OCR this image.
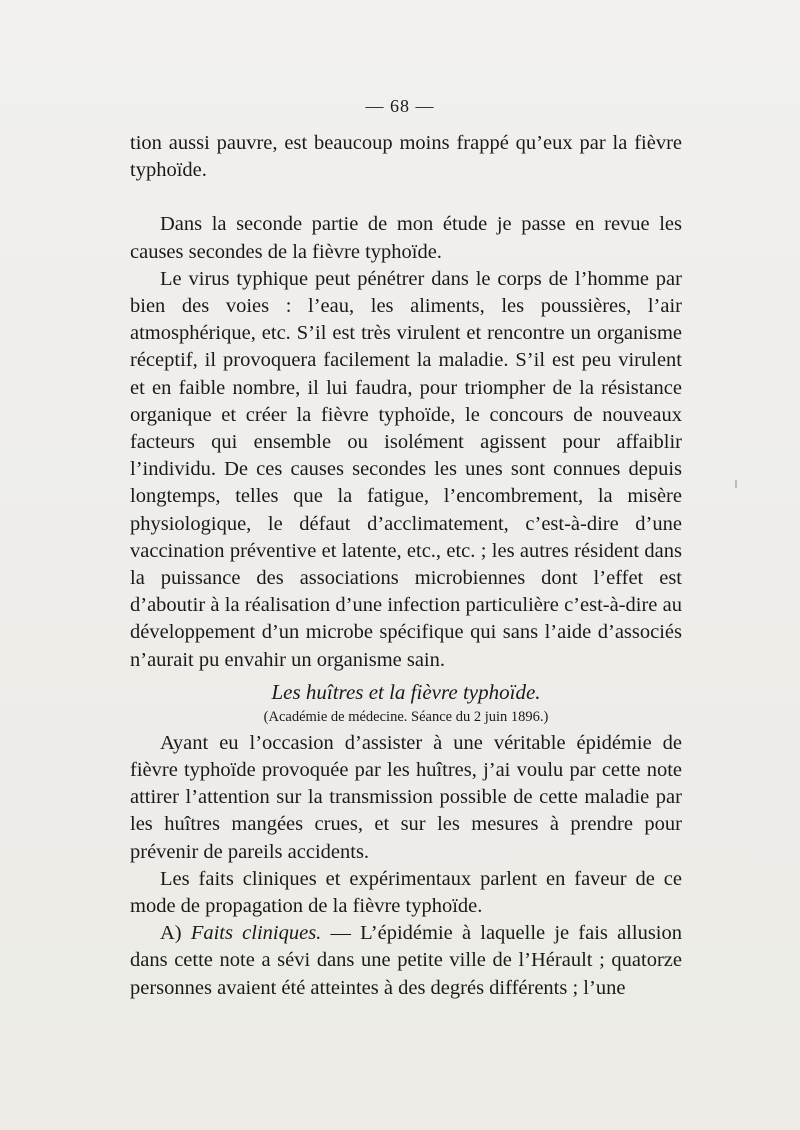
— 68 —

tion aussi pauvre, est beaucoup moins frappé qu’eux par la fièvre typhoïde.

Dans la seconde partie de mon étude je passe en revue les causes secondes de la fièvre typhoïde.

Le virus typhique peut pénétrer dans le corps de l’homme par bien des voies : l’eau, les aliments, les poussières, l’air atmosphérique, etc. S’il est très virulent et rencontre un organisme réceptif, il provoquera facilement la maladie. S’il est peu virulent et en faible nombre, il lui faudra, pour triompher de la résistance organique et créer la fièvre typhoïde, le concours de nouveaux facteurs qui ensemble ou isolément agissent pour affaiblir l’individu. De ces causes secondes les unes sont connues depuis longtemps, telles que la fatigue, l’encombrement, la misère physiologique, le défaut d’acclimatement, c’est-à-dire d’une vaccination préventive et latente, etc., etc. ; les autres résident dans la puissance des associations microbiennes dont l’effet est d’aboutir à la réalisation d’une infection particulière c’est-à-dire au développement d’un microbe spécifique qui sans l’aide d’associés n’aurait pu envahir un organisme sain.

Les huîtres et la fièvre typhoïde.

(Académie de médecine. Séance du 2 juin 1896.)

Ayant eu l’occasion d’assister à une véritable épidémie de fièvre typhoïde provoquée par les huîtres, j’ai voulu par cette note attirer l’attention sur la transmission possible de cette maladie par les huîtres mangées crues, et sur les mesures à prendre pour prévenir de pareils accidents.

Les faits cliniques et expérimentaux parlent en faveur de ce mode de propagation de la fièvre typhoïde.

A) Faits cliniques. — L’épidémie à laquelle je fais allusion dans cette note a sévi dans une petite ville de l’Hérault ; quatorze personnes avaient été atteintes à des degrés différents ; l’une
